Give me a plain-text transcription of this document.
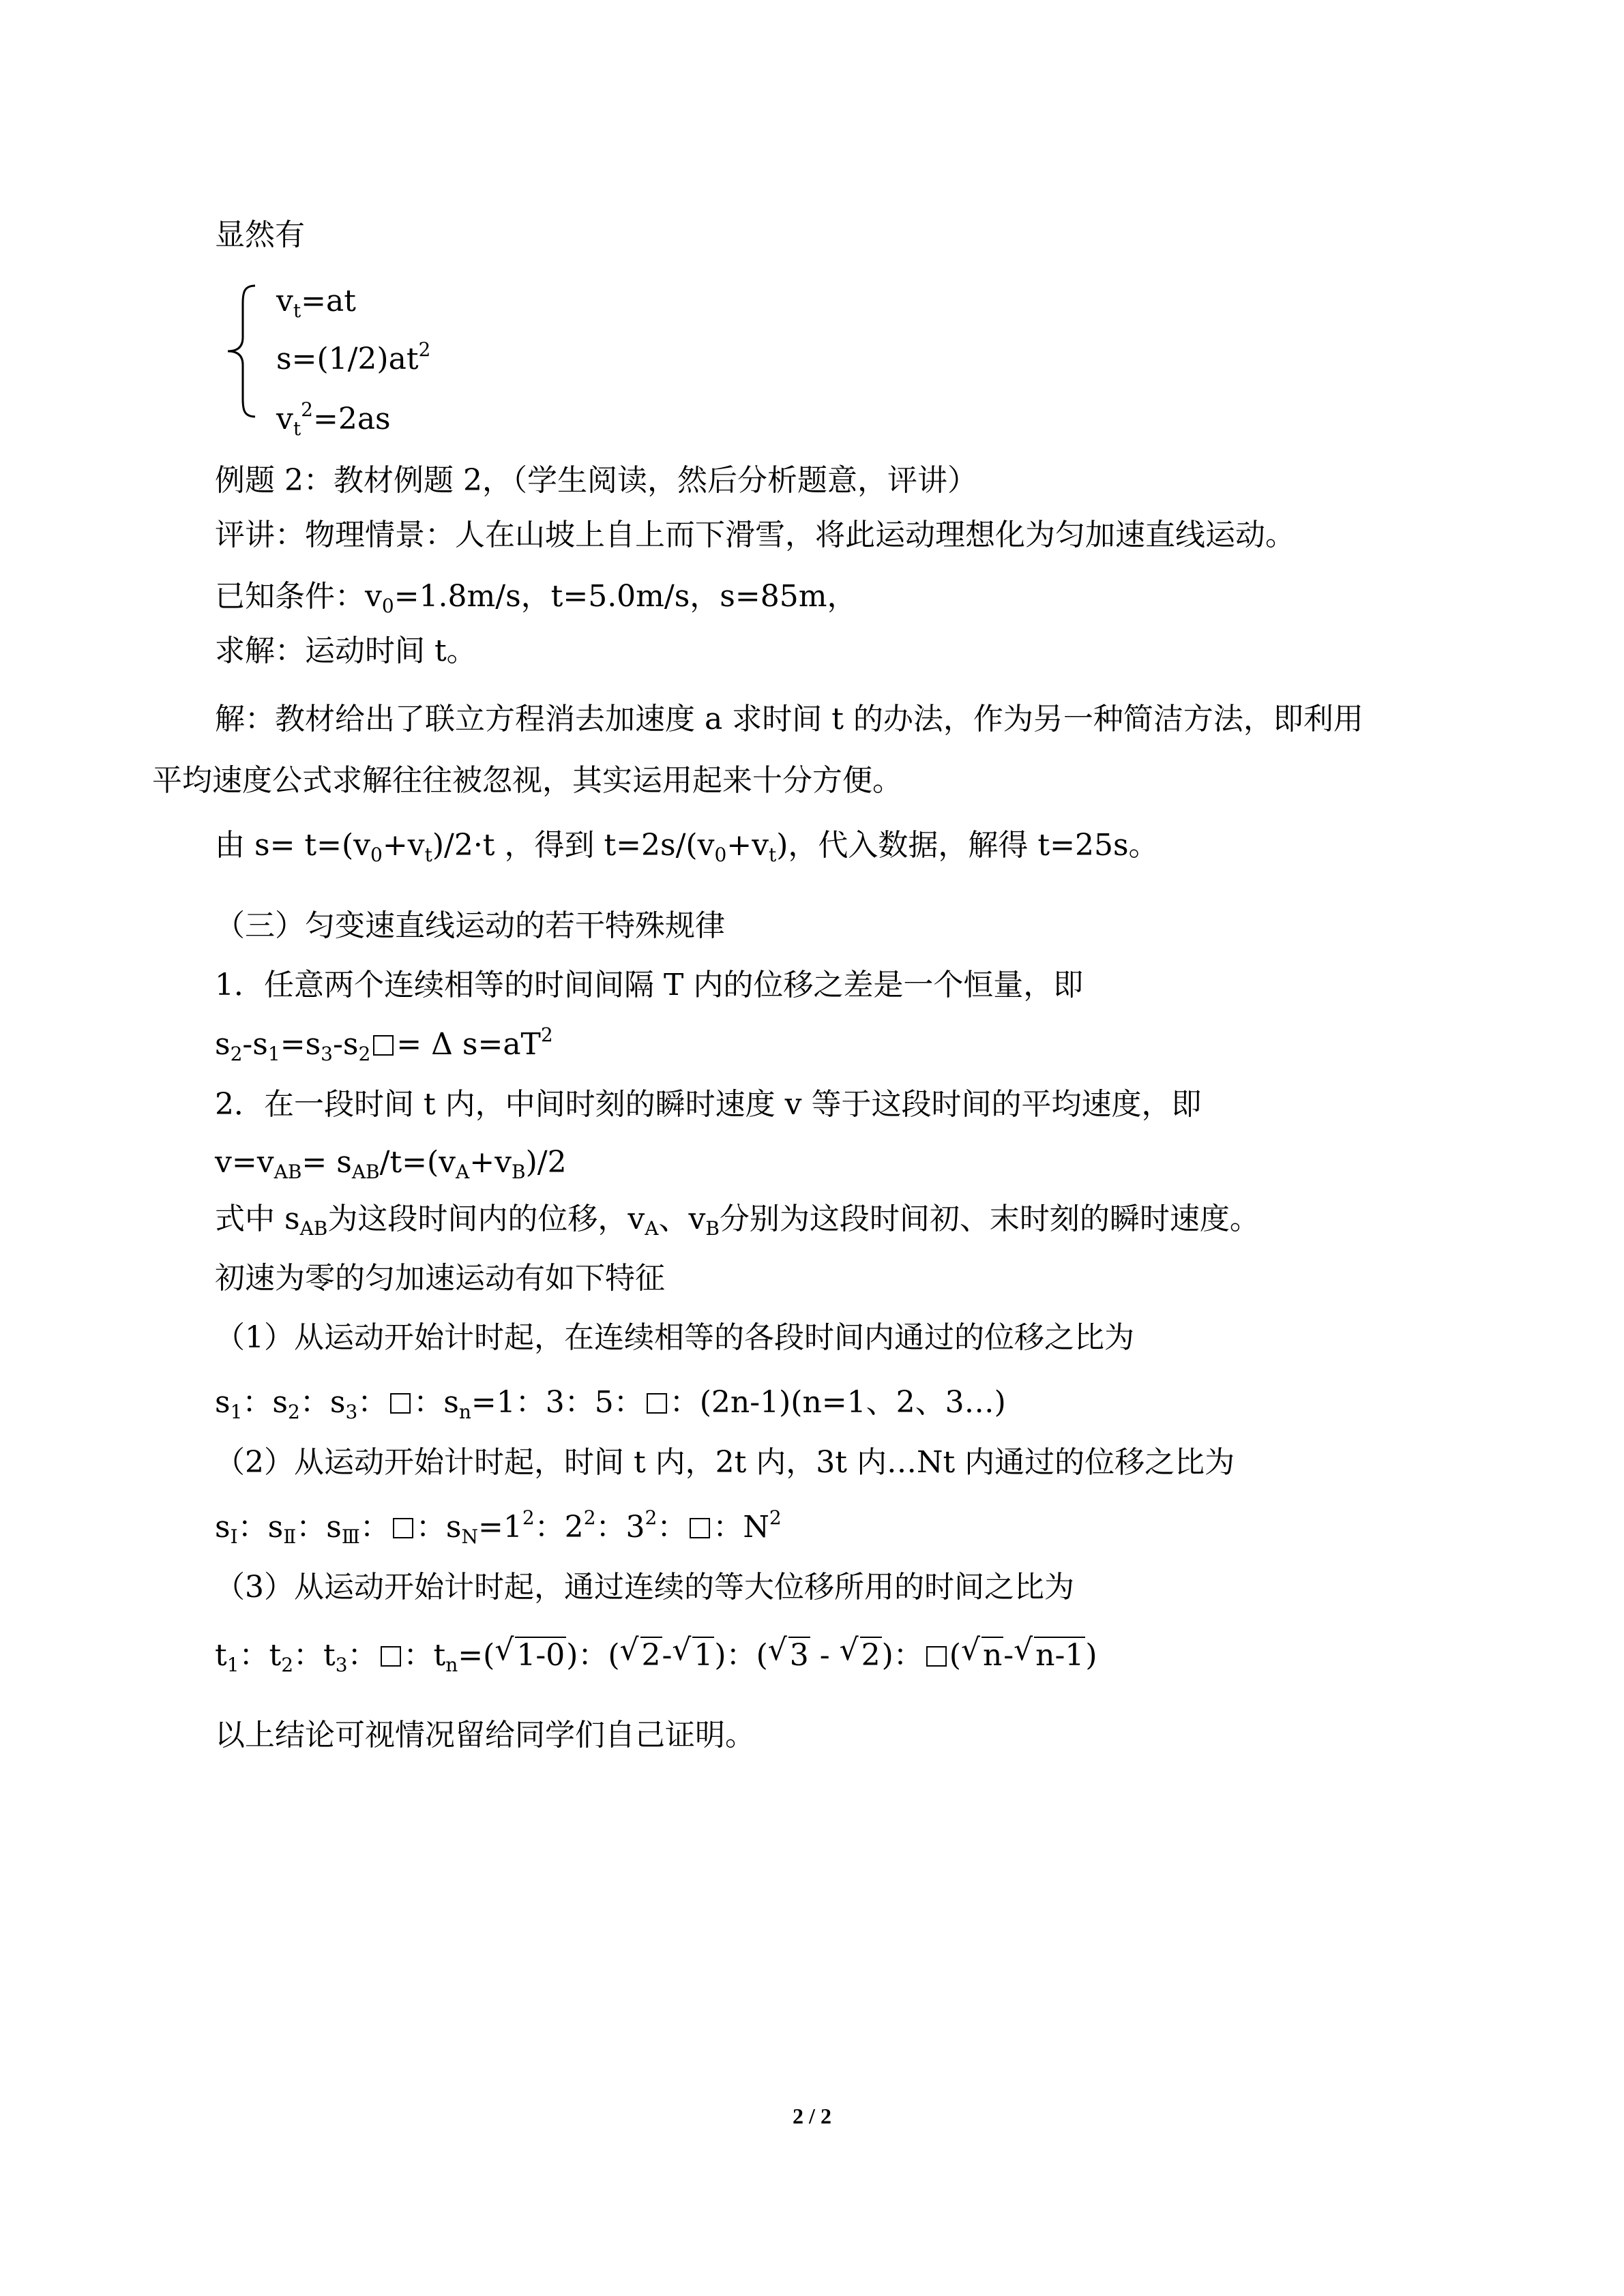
显然有

$v_t=at$

$s=(1/2)at^2$

$v_t^2=2as$

例题 2：教材例题 2，（学生阅读，然后分析题意，评讲）

评讲：物理情景：人在山坡上自上而下滑雪，将此运动理想化为匀加速直线运动。

已知条件：$v_0=1.8m/s$，t=5.0m/s，s=85m，

求解：运动时间 t。

解：教材给出了联立方程消去加速度 a 求时间 t 的办法，作为另一种简洁方法，即利用

平均速度公式求解往往被忽视，其实运用起来十分方便。

由 $s= t=(v_0+v_t)/2\cdot t$ ，得到 $t=2s/(v_0+v_t)$，代入数据，解得 t=25s。

（三）匀变速直线运动的若干特殊规律

1．任意两个连续相等的时间间隔 T 内的位移之差是一个恒量，即

$s_2-s_1=s_3-s_2 = \Delta$ $s=aT^2$

2．在一段时间 t 内，中间时刻的瞬时速度 v 等于这段时间的平均速度，即

$v=v_{AB}= s_{AB}/t=(v_A+v_B)/2$

式中 $s_{AB}$为这段时间内的位移，$v_A$、$v_B$分别为这段时间初、末时刻的瞬时速度。

初速为零的匀加速运动有如下特征

（1）从运动开始计时起，在连续相等的各段时间内通过的位移之比为

$s_1$：$s_2$：$s_3$： ：$s_n=1$：3：5： ：(2n-1)(n=1、2、3…)

（2）从运动开始计时起，时间 t 内，2t 内，3t 内…Nt 内通过的位移之比为

$s_Ⅰ$：$s_Ⅱ$：$s_Ⅲ$： ：$s_N=1^2$：$2^2$：$3^2$： ：$N^2$

（3）从运动开始计时起，通过连续的等大位移所用的时间之比为

$t_1$：$t_2$：$t_3$： ：$t_n=(√$ 1-0)：(√ 2-√ 1)：(√ 3 - √ 2)： (√ n-√ n-1)

以上结论可视情况留给同学们自己证明。

2 / 2
